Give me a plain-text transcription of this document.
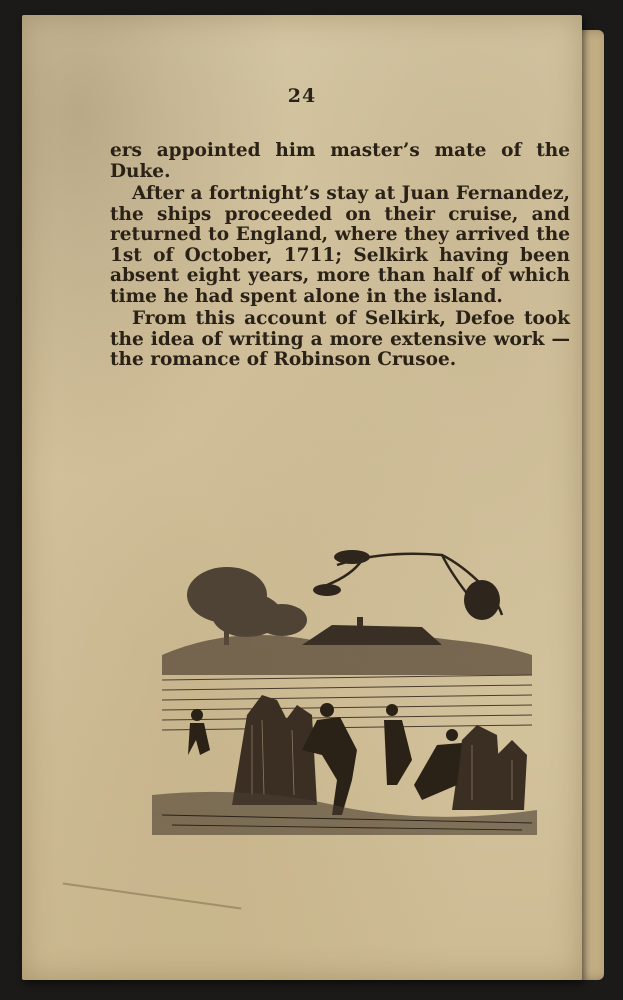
24

ers appointed him master’s mate of the Duke.

After a fortnight’s stay at Juan Fernandez, the ships proceeded on their cruise, and returned to England, where they arrived the 1st of October, 1711; Selkirk having been absent eight years, more than half of which time he had spent alone in the island.

From this account of Selkirk, Defoe took the idea of writing a more extensive work —the romance of Robinson Crusoe.
